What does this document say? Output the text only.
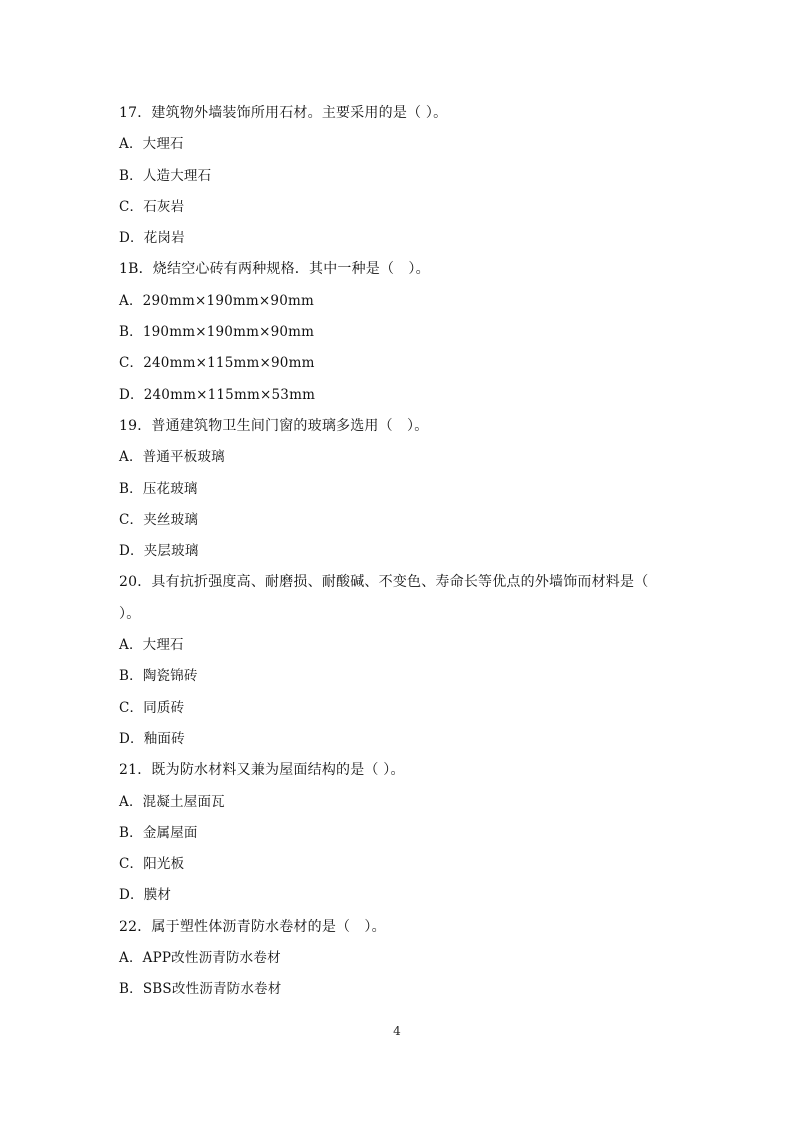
17．建筑物外墙装饰所用石材。主要采用的是（ ）。
A．大理石
B．人造大理石
C．石灰岩
D．花岗岩
1B．烧结空心砖有两种规格．其中一种是（　）。
A．290mm×190mm×90mm
B．190mm×190mm×90mm
C．240mm×115mm×90mm
D．240mm×115mm×53mm
19．普通建筑物卫生间门窗的玻璃多选用（　）。
A．普通平板玻璃
B．压花玻璃
C．夹丝玻璃
D．夹层玻璃
20．具有抗折强度高、耐磨损、耐酸碱、不变色、寿命长等优点的外墙饰而材料是（
）。
A．大理石
B．陶瓷锦砖
C．同质砖
D．釉面砖
21．既为防水材料又兼为屋面结构的是（ ）。
A．混凝土屋面瓦
B．金属屋面
C．阳光板
D．膜材
22．属于塑性体沥青防水卷材的是（　）。
A．APP改性沥青防水卷材
B．SBS改性沥青防水卷材
4
